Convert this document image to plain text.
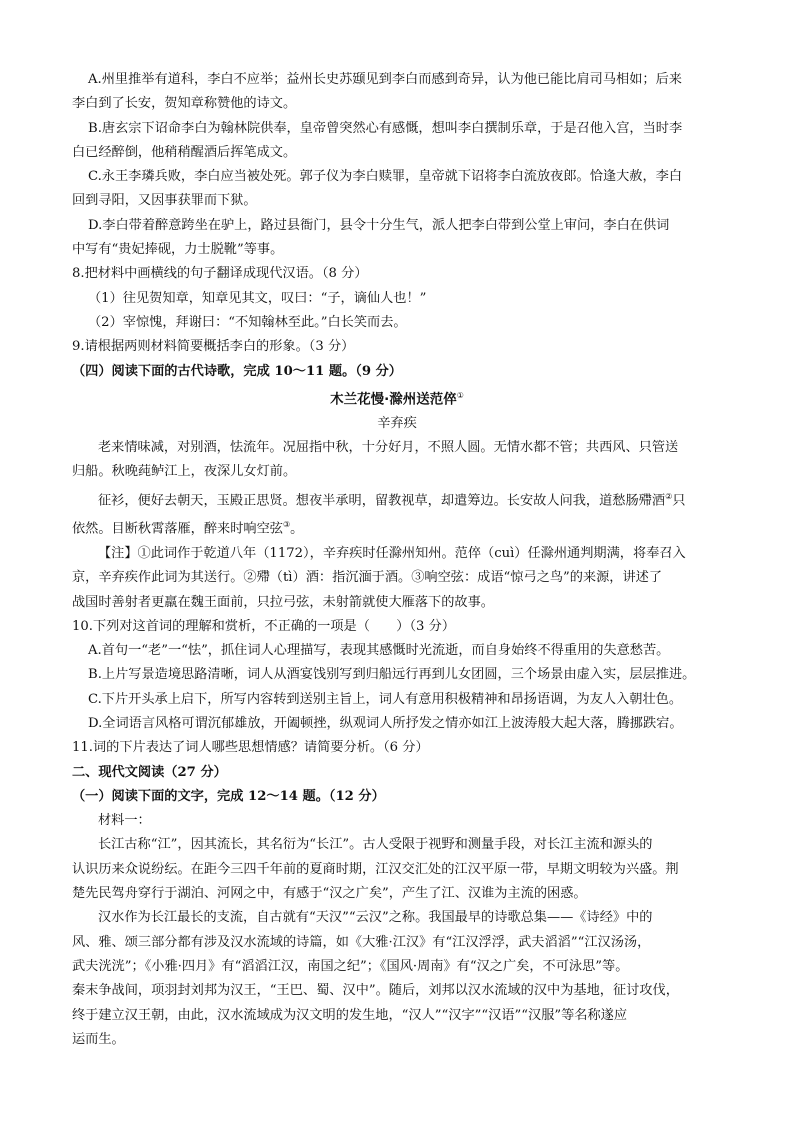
A.州里推举有道科，李白不应举；益州长史苏颋见到李白而感到奇异，认为他已能比肩司马相如；后来
李白到了长安，贺知章称赞他的诗文。
B.唐玄宗下诏命李白为翰林院供奉，皇帝曾突然心有感慨，想叫李白撰制乐章，于是召他入宫，当时李
白已经醉倒，他稍稍醒酒后挥笔成文。
C.永王李璘兵败，李白应当被处死。郭子仪为李白赎罪，皇帝就下诏将李白流放夜郎。恰逢大赦，李白
回到寻阳，又因事获罪而下狱。
D.李白带着醉意跨坐在驴上，路过县衙门，县令十分生气，派人把李白带到公堂上审问，李白在供词
中写有“贵妃捧砚，力士脱靴”等事。
8.把材料中画横线的句子翻译成现代汉语。（8 分）
（1）往见贺知章，知章见其文，叹曰：“子，谪仙人也！”
（2）宰惊愧，拜谢曰：“不知翰林至此。”白长笑而去。
9.请根据两则材料简要概括李白的形象。（3 分）
（四）阅读下面的古代诗歌，完成 10～11 题。（9 分）
木兰花慢·滁州送范倅①
辛弃疾
老来情味减，对别酒，怯流年。况屈指中秋，十分好月，不照人圆。无情水都不管；共西风、只管送
归船。秋晚莼鲈江上，夜深儿女灯前。
征衫，便好去朝天，玉殿正思贤。想夜半承明，留教视草，却遣筹边。长安故人问我，道愁肠殢酒②只
依然。目断秋霄落雁，醉来时响空弦③。
【注】①此词作于乾道八年（1172），辛弃疾时任滁州知州。范倅（cuì）任滁州通判期满，将奉召入
京，辛弃疾作此词为其送行。②殢（tì）酒：指沉湎于酒。③响空弦：成语“惊弓之鸟”的来源，讲述了
战国时善射者更羸在魏王面前，只拉弓弦，未射箭就使大雁落下的故事。
10.下列对这首词的理解和赏析，不正确的一项是（　　）（3 分）
A.首句一“老”一“怯”，抓住词人心理描写，表现其感慨时光流逝，而自身始终不得重用的失意愁苦。
B.上片写景造境思路清晰，词人从酒宴饯别写到归船远行再到儿女团圆，三个场景由虚入实，层层推进。
C.下片开头承上启下，所写内容转到送别主旨上，词人有意用积极精神和昂扬语调，为友人入朝壮色。
D.全词语言风格可谓沉郁雄放，开阖顿挫，纵观词人所抒发之情亦如江上波涛般大起大落，腾挪跌宕。
11.词的下片表达了词人哪些思想情感？请简要分析。（6 分）
二、现代文阅读（27 分）
（一）阅读下面的文字，完成 12～14 题。（12 分）
材料一：
长江古称“江”，因其流长，其名衍为“长江”。古人受限于视野和测量手段，对长江主流和源头的
认识历来众说纷纭。在距今三四千年前的夏商时期，江汉交汇处的江汉平原一带，早期文明较为兴盛。荆
楚先民驾舟穿行于湖泊、河网之中，有感于“汉之广矣”，产生了江、汉谁为主流的困惑。
汉水作为长江最长的支流，自古就有“天汉”“云汉”之称。我国最早的诗歌总集——《诗经》中的
风、雅、颂三部分都有涉及汉水流域的诗篇，如《大雅·江汉》有“江汉浮浮，武夫滔滔”“江汉汤汤，
武夫洸洸”；《小雅·四月》有“滔滔江汉，南国之纪”；《国风·周南》有“汉之广矣，不可泳思”等。
秦末争战间，项羽封刘邦为汉王，“王巴、蜀、汉中”。随后，刘邦以汉水流域的汉中为基地，征讨攻伐，
终于建立汉王朝，由此，汉水流域成为汉文明的发生地，“汉人”“汉字”“汉语”“汉服”等名称遂应
运而生。
